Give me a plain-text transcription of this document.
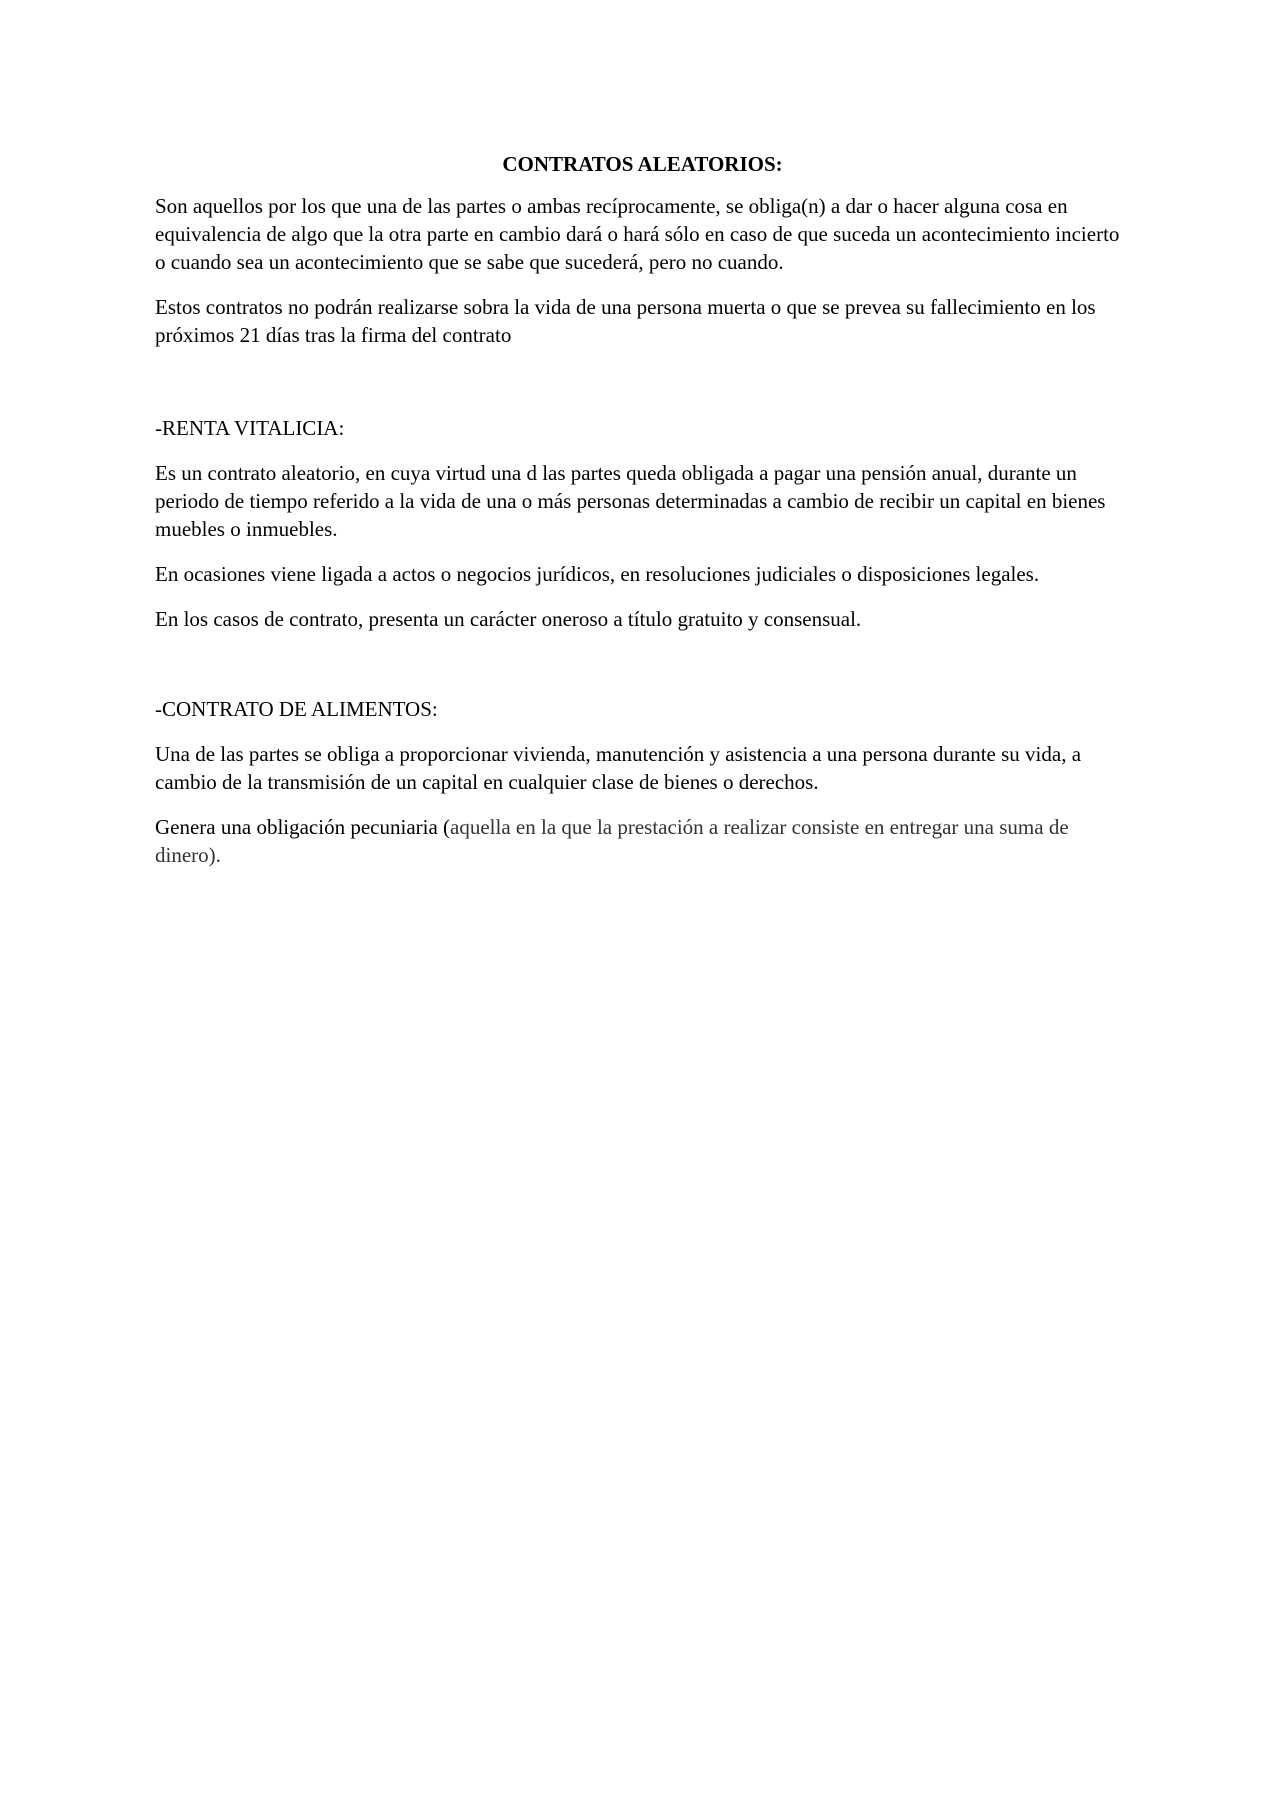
CONTRATOS ALEATORIOS:

Son aquellos por los que una de las partes o ambas recíprocamente, se obliga(n) a dar o hacer alguna cosa en equivalencia de algo que la otra parte en cambio dará o hará sólo en caso de que suceda un acontecimiento incierto o cuando sea un acontecimiento que se sabe que sucederá, pero no cuando.

Estos contratos no podrán realizarse sobra la vida de una persona muerta o que se prevea su fallecimiento en los próximos 21 días tras la firma del contrato

-RENTA VITALICIA:

Es un contrato aleatorio, en cuya virtud una d las partes queda obligada a pagar una pensión anual, durante un periodo de tiempo referido a la vida de una o más personas determinadas a cambio de recibir un capital en bienes muebles o inmuebles.

En ocasiones viene ligada a actos o negocios jurídicos, en resoluciones judiciales o disposiciones legales.

En los casos de contrato, presenta un carácter oneroso a título gratuito y consensual.

-CONTRATO DE ALIMENTOS:

Una de las partes se obliga a proporcionar vivienda, manutención y asistencia a una persona durante su vida, a cambio de la transmisión de un capital en cualquier clase de bienes o derechos.

Genera una obligación pecuniaria (aquella en la que la prestación a realizar consiste en entregar una suma de dinero).
